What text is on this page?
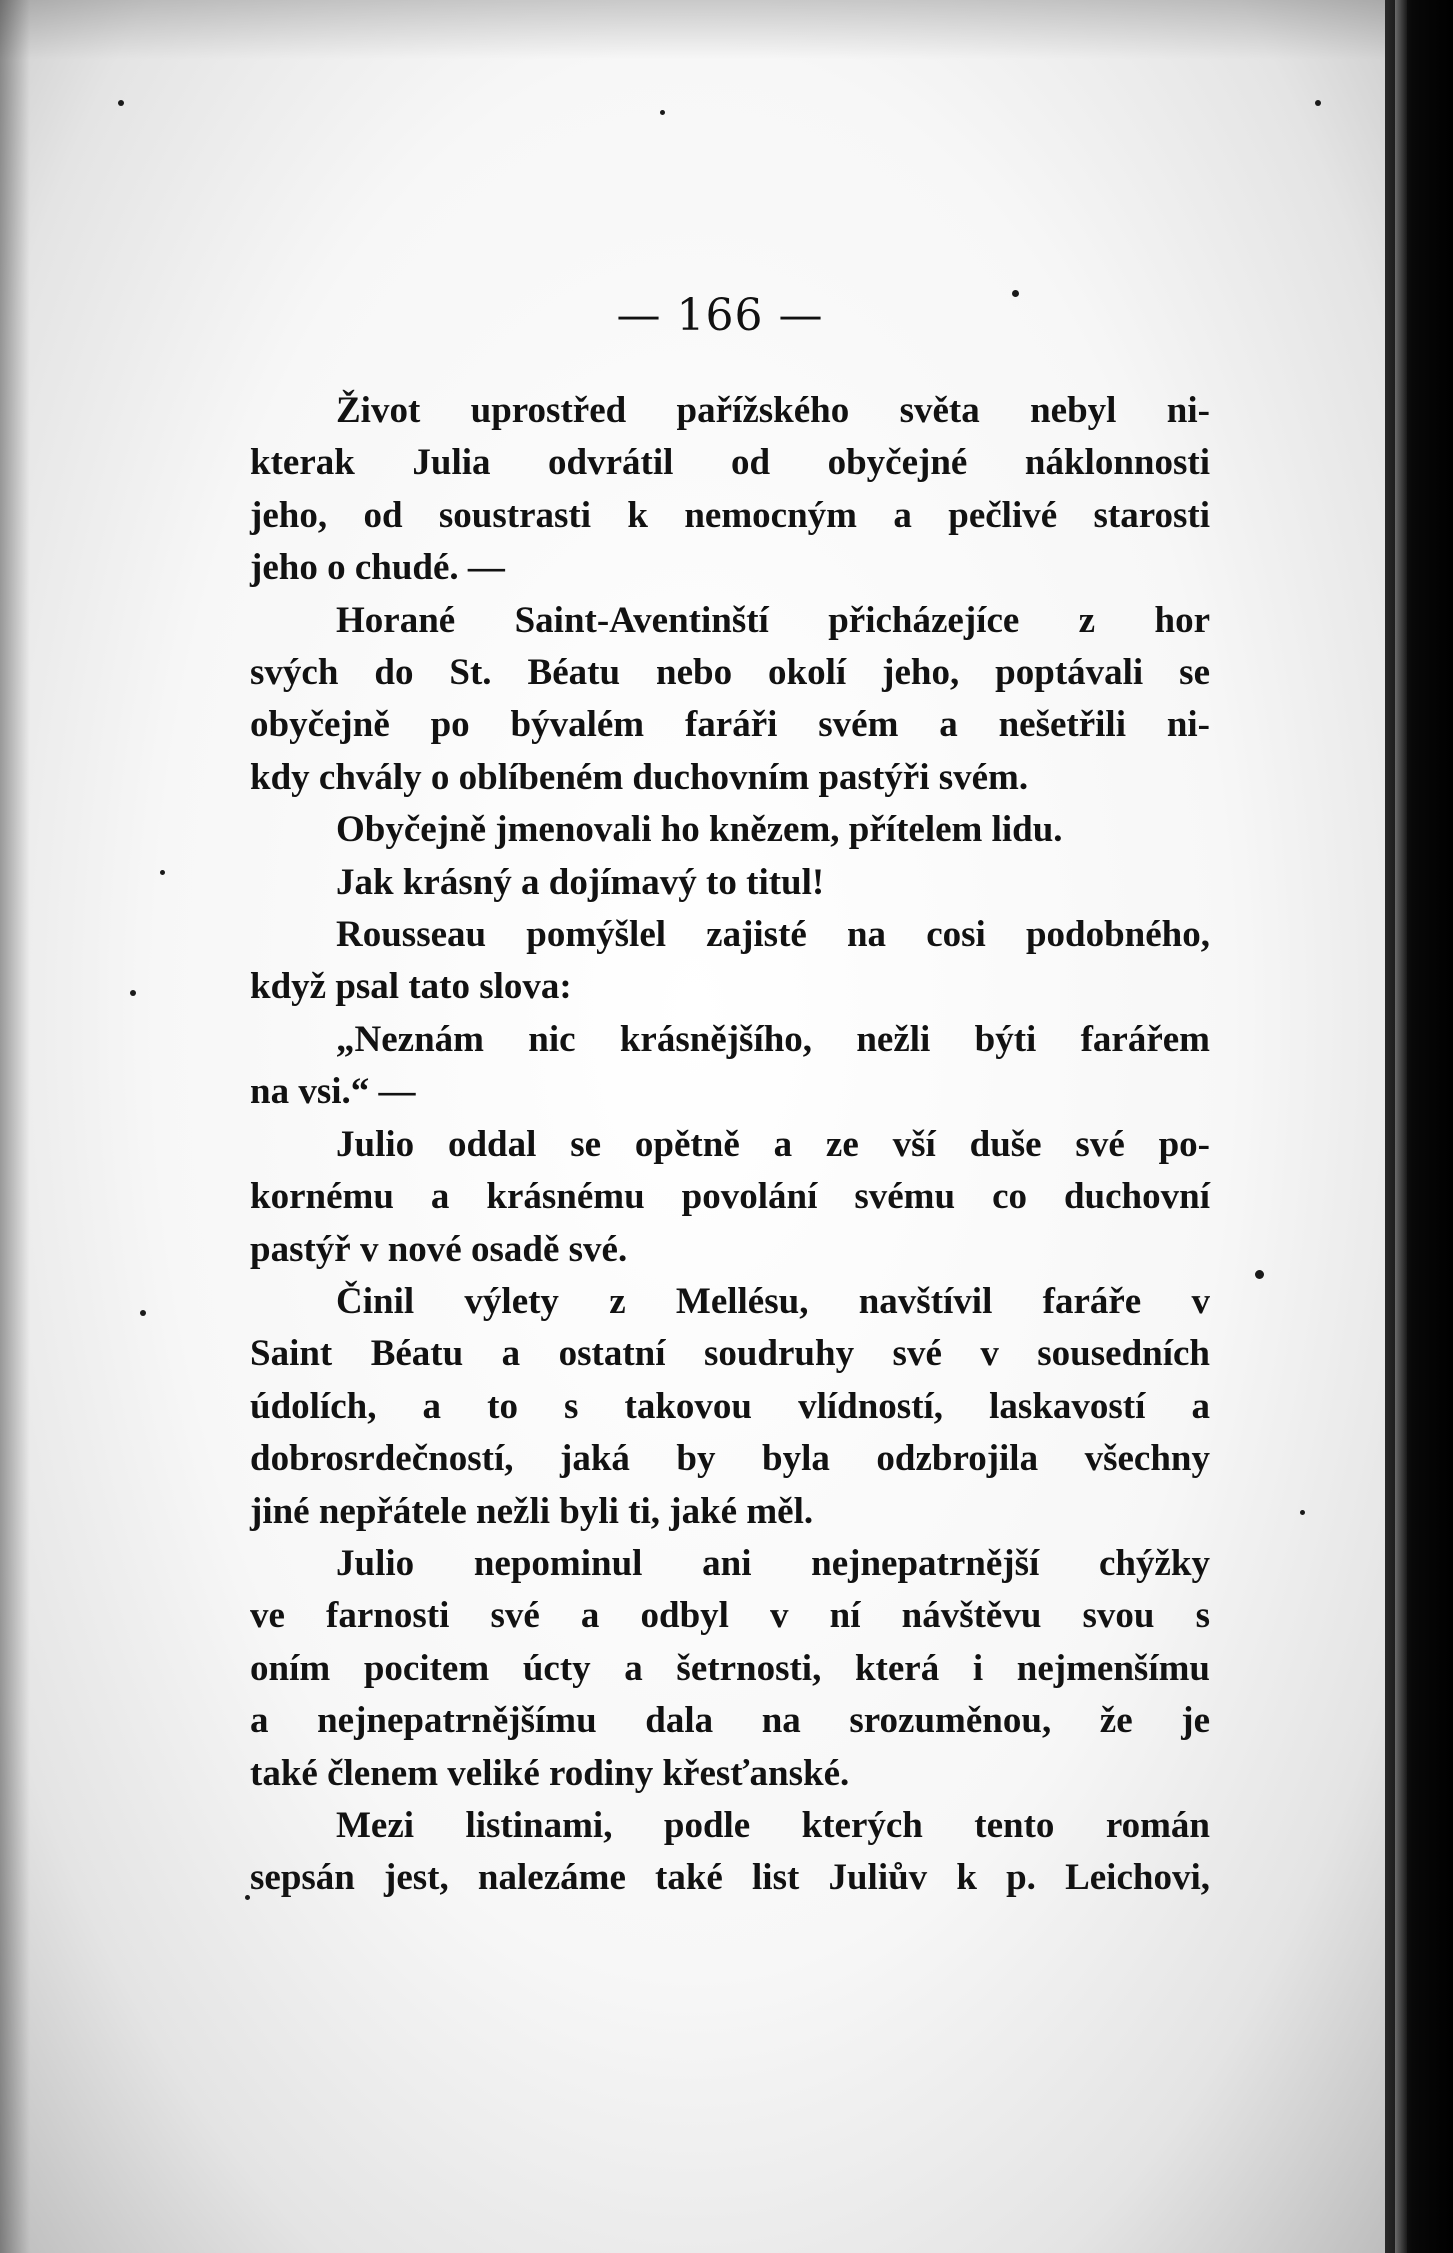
— 166 —
Život uprostřed pařížského světa nebyl ni-
kterak Julia odvrátil od obyčejné náklonnosti
jeho, od soustrasti k nemocným a pečlivé starosti
jeho o chudé. —
Horané Saint-Aventinští přicházejíce z hor
svých do St. Béatu nebo okolí jeho, poptávali se
obyčejně po bývalém faráři svém a nešetřili ni-
kdy chvály o oblíbeném duchovním pastýři svém.
Obyčejně jmenovali ho knězem, přítelem lidu.
Jak krásný a dojímavý to titul!
Rousseau pomýšlel zajisté na cosi podobného,
když psal tato slova:
„Neznám nic krásnějšího, nežli býti farářem
na vsi.“ —
Julio oddal se opětně a ze vší duše své po-
kornému a krásnému povolání svému co duchovní
pastýř v nové osadě své.
Činil výlety z Mellésu, navštívil faráře v
Saint Béatu a ostatní soudruhy své v sousedních
údolích, a to s takovou vlídností, laskavostí a
dobrosrdečností, jaká by byla odzbrojila všechny
jiné nepřátele nežli byli ti, jaké měl.
Julio nepominul ani nejnepatrnější chýžky
ve farnosti své a odbyl v ní návštěvu svou s
oním pocitem úcty a šetrnosti, která i nejmenšímu
a nejnepatrnějšímu dala na srozuměnou, že je
také členem veliké rodiny křesťanské.
Mezi listinami, podle kterých tento román
sepsán jest, nalezáme také list Juliův k p. Leichovi,
